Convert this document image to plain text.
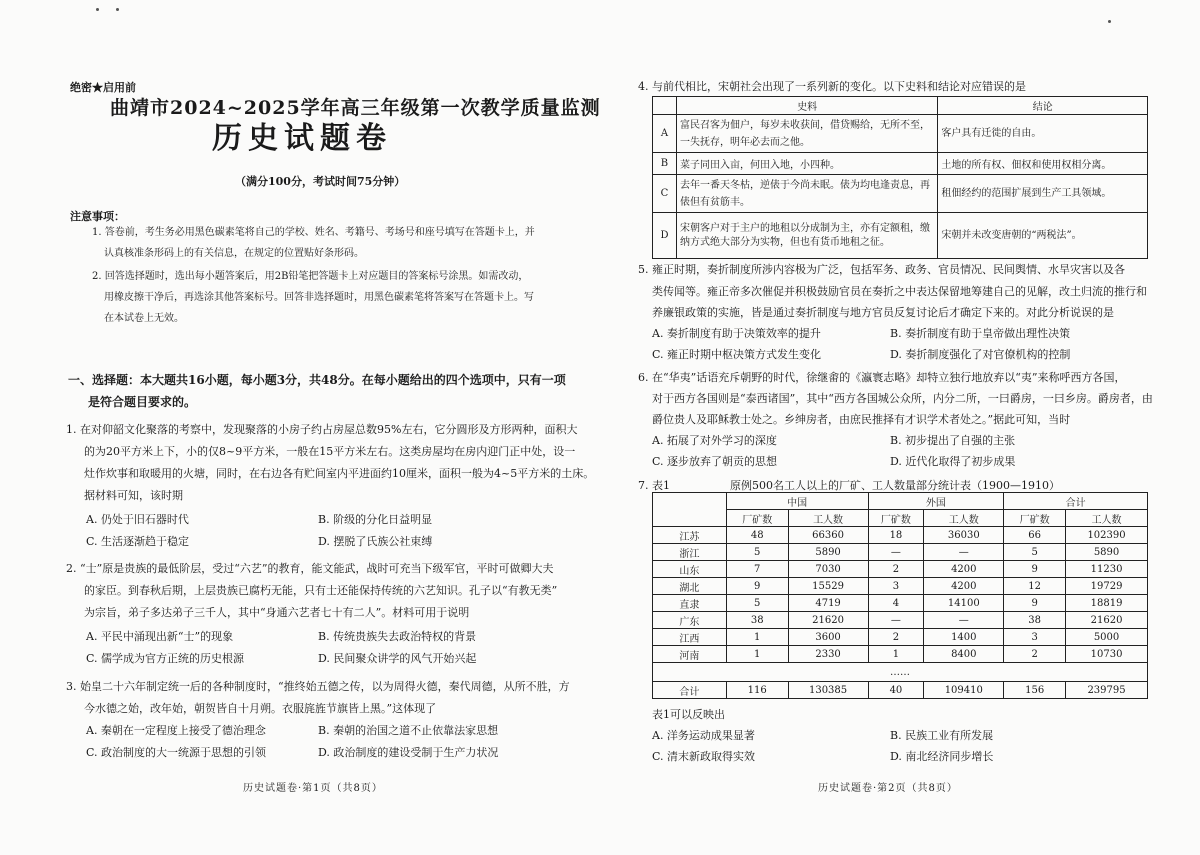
绝密★启用前
曲靖市2024~2025学年高三年级第一次教学质量监测
历史试题卷
（满分100分，考试时间75分钟）
注意事项：
1. 答卷前，考生务必用黑色碳素笔将自己的学校、姓名、考籍号、考场号和座号填写在答题卡上，并
认真核准条形码上的有关信息，在规定的位置贴好条形码。
2. 回答选择题时，选出每小题答案后，用2B铅笔把答题卡上对应题目的答案标号涂黑。如需改动，
用橡皮擦干净后，再选涂其他答案标号。回答非选择题时，用黑色碳素笔将答案写在答题卡上。写
在本试卷上无效。
一、选择题：本大题共16小题，每小题3分，共48分。在每小题给出的四个选项中，只有一项
是符合题目要求的。
1. 在对仰韶文化聚落的考察中，发现聚落的小房子约占房屋总数95%左右，它分圆形及方形两种，面积大
的为20平方米上下，小的仅8~9平方米，一般在15平方米左右。这类房屋均在房内迎门正中处，设一
灶作炊事和取暖用的火塘，同时，在右边各有贮间室内平进面约10厘米，面积一般为4~5平方米的土床。
据材料可知，该时期
A. 仍处于旧石器时代	B. 阶级的分化日益明显
C. 生活逐渐趋于稳定	D. 摆脱了氏族公社束缚
2. “士”原是贵族的最低阶层，受过“六艺”的教育，能文能武，战时可充当下级军官，平时可做卿大夫
的家臣。到春秋后期，上层贵族已腐朽无能，只有士还能保持传统的六艺知识。孔子以“有教无类”
为宗旨，弟子多达弟子三千人，其中“身通六艺者七十有二人”。材料可用于说明
A. 平民中涌现出新“士”的现象	B. 传统贵族失去政治特权的背景
C. 儒学成为官方正统的历史根源	D. 民间聚众讲学的风气开始兴起
3. 始皇二十六年制定统一后的各种制度时，“推终始五德之传，以为周得火德，秦代周德，从所不胜，方
今水德之始，改年始，朝贺皆自十月朔。衣服旄旌节旗皆上黑。”这体现了
A. 秦朝在一定程度上接受了德治理念	B. 秦朝的治国之道不止依靠法家思想
C. 政治制度的大一统源于思想的引领	D. 政治制度的建设受制于生产力状况
历史试题卷·第1页（共8页）
4. 与前代相比，宋朝社会出现了一系列新的变化。以下史料和结论对应错误的是
	史料	结论
A	富民召客为佃户，每岁未收获间，借贷赐给，无所不至，一失抚存，明年必去而之他。	客户具有迁徙的自由。
B	菜子同田入亩，何田入地，小四种。	土地的所有权、佃权和使用权相分离。
C	去年一番天冬枯，逆俵于今尚未眠。俵为均电逢责息，再俵但有贫筋丰。	租佃经约的范围扩展到生产工具领域。
D	宋朝客户对于主户的地租以分成制为主，亦有定额租，缴纳方式绝大部分为实物，但也有货币地租之征。	宋朝并未改变唐朝的“两税法”。
5. 雍正时期，奏折制度所涉内容极为广泛，包括军务、政务、官员情况、民间舆情、水旱灾害以及各
类传闻等。雍正帝多次催促并积极鼓励官员在奏折之中表达保留地筹建自己的见解，改土归流的推行和
养廉银政策的实施，皆是通过奏折制度与地方官员反复讨论后才确定下来的。对此分析说误的是
A. 奏折制度有助于决策效率的提升	B. 奏折制度有助于皇帝做出理性决策
C. 雍正时期中枢决策方式发生变化	D. 奏折制度强化了对官僚机构的控制
6. 在“华夷”话语充斥朝野的时代，徐继畬的《瀛寰志略》却特立独行地放弃以“夷”来称呼西方各国，
对于西方各国则是“泰西诸国”，其中“西方各国城公众所，内分二所，一曰爵房，一曰乡房。爵房者，由
爵位贵人及耶稣教士处之。乡绅房者，由庶民推择有才识学术者处之。”据此可知，当时
A. 拓展了对外学习的深度	B. 初步提出了自强的主张
C. 逐步放弃了朝贡的思想	D. 近代化取得了初步成果
7. 表1	原例500名工人以上的厂矿、工人数量部分统计表（1900—1910）
	中国		外国		合计	
	厂矿数	工人数	厂矿数	工人数	厂矿数	工人数
江苏	48	66360	18	36030	66	102390
浙江	5	5890	—	—	5	5890
山东	7	7030	2	4200	9	11230
湖北	9	15529	3	4200	12	19729
直隶	5	4719	4	14100	9	18819
广东	38	21620	—	—	38	21620
江西	1	3600	2	1400	3	5000
河南	1	2330	1	8400	2	10730
……						
合计	116	130385	40	109410	156	239795
表1可以反映出
A. 洋务运动成果显著	B. 民族工业有所发展
C. 清末新政取得实效	D. 南北经济同步增长
历史试题卷·第2页（共8页）
